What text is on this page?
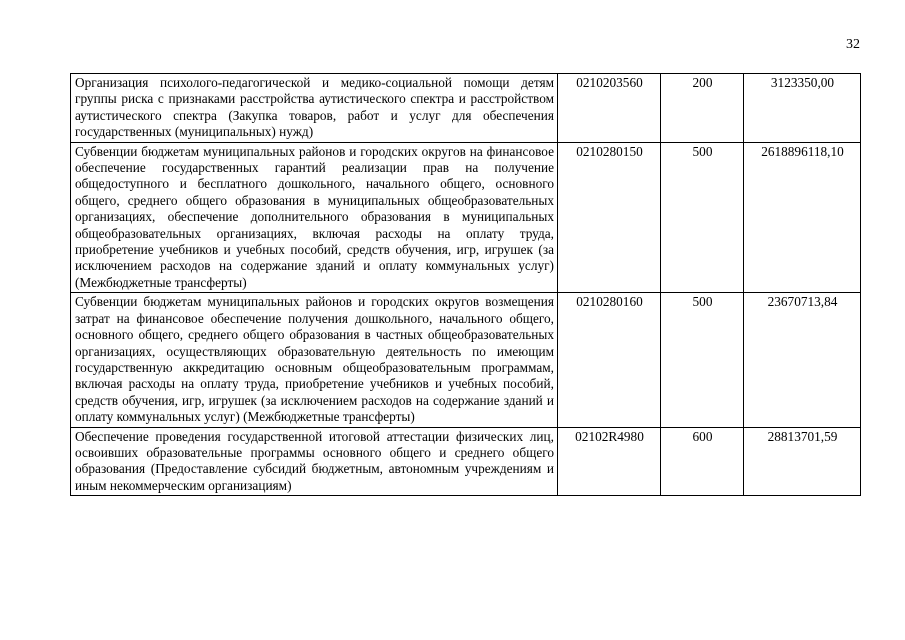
32
Организация психолого-педагогической и медико-социальной помощи детям группы риска с признаками расстройства аутистического спектра и расстройством аутистического спектра (Закупка товаров, работ и услуг для обеспечения государственных (муниципальных) нужд)	0210203560	200	3123350,00
Субвенции бюджетам муниципальных районов и городских округов на финансовое обеспечение государственных гарантий реализации прав на получение общедоступного и бесплатного дошкольного, начального общего, основного общего, среднего общего образования в муниципальных общеобразовательных организациях, обеспечение дополнительного образования в муниципальных общеобразовательных организациях, включая расходы на оплату труда, приобретение учебников и учебных пособий, средств обучения, игр, игрушек (за исключением расходов на содержание зданий и оплату коммунальных услуг) (Межбюджетные трансферты)	0210280150	500	2618896118,10
Субвенции бюджетам муниципальных районов и городских округов возмещения затрат на финансовое обеспечение получения дошкольного, начального общего, основного общего, среднего общего образования в частных общеобразовательных организациях, осуществляющих образовательную деятельность по имеющим государственную аккредитацию основным общеобразовательным программам, включая расходы на оплату труда, приобретение учебников и учебных пособий, средств обучения, игр, игрушек (за исключением расходов на содержание зданий и оплату коммунальных услуг) (Межбюджетные трансферты)	0210280160	500	23670713,84
Обеспечение проведения государственной итоговой аттестации физических лиц, освоивших образовательные программы основного общего и среднего общего образования (Предоставление субсидий бюджетным, автономным учреждениям и иным некоммерческим организациям)	02102R4980	600	28813701,59
